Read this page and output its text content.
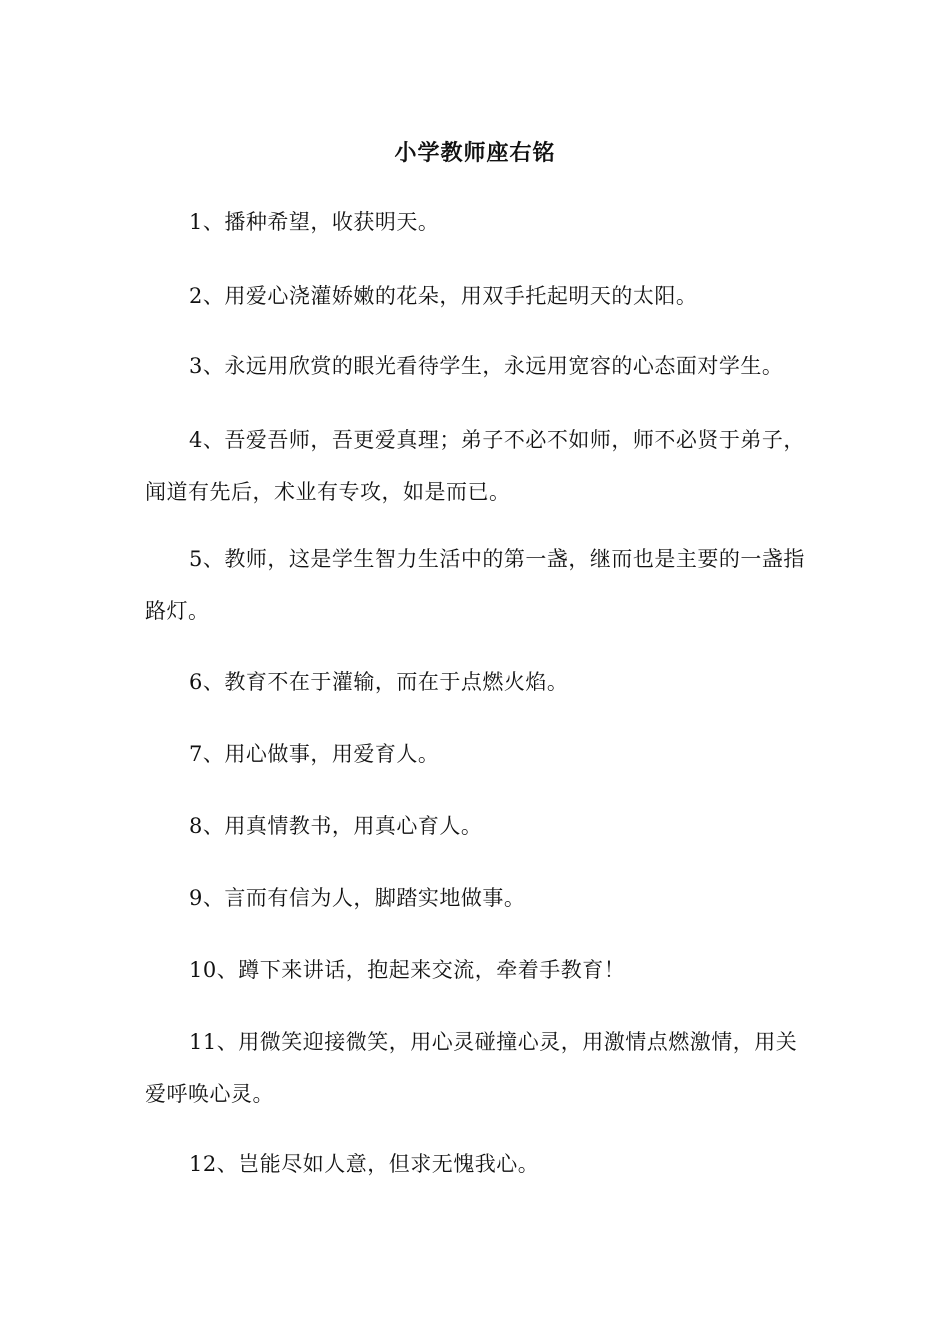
小学教师座右铭

1、播种希望，收获明天。

2、用爱心浇灌娇嫩的花朵，用双手托起明天的太阳。

3、永远用欣赏的眼光看待学生，永远用宽容的心态面对学生。

4、吾爱吾师，吾更爱真理；弟子不必不如师，师不必贤于弟子，闻道有先后，术业有专攻，如是而已。

5、教师，这是学生智力生活中的第一盏，继而也是主要的一盏指路灯。

6、教育不在于灌输，而在于点燃火焰。

7、用心做事，用爱育人。

8、用真情教书，用真心育人。

9、言而有信为人，脚踏实地做事。

10、蹲下来讲话，抱起来交流，牵着手教育！

11、用微笑迎接微笑，用心灵碰撞心灵，用激情点燃激情，用关爱呼唤心灵。

12、岂能尽如人意，但求无愧我心。
